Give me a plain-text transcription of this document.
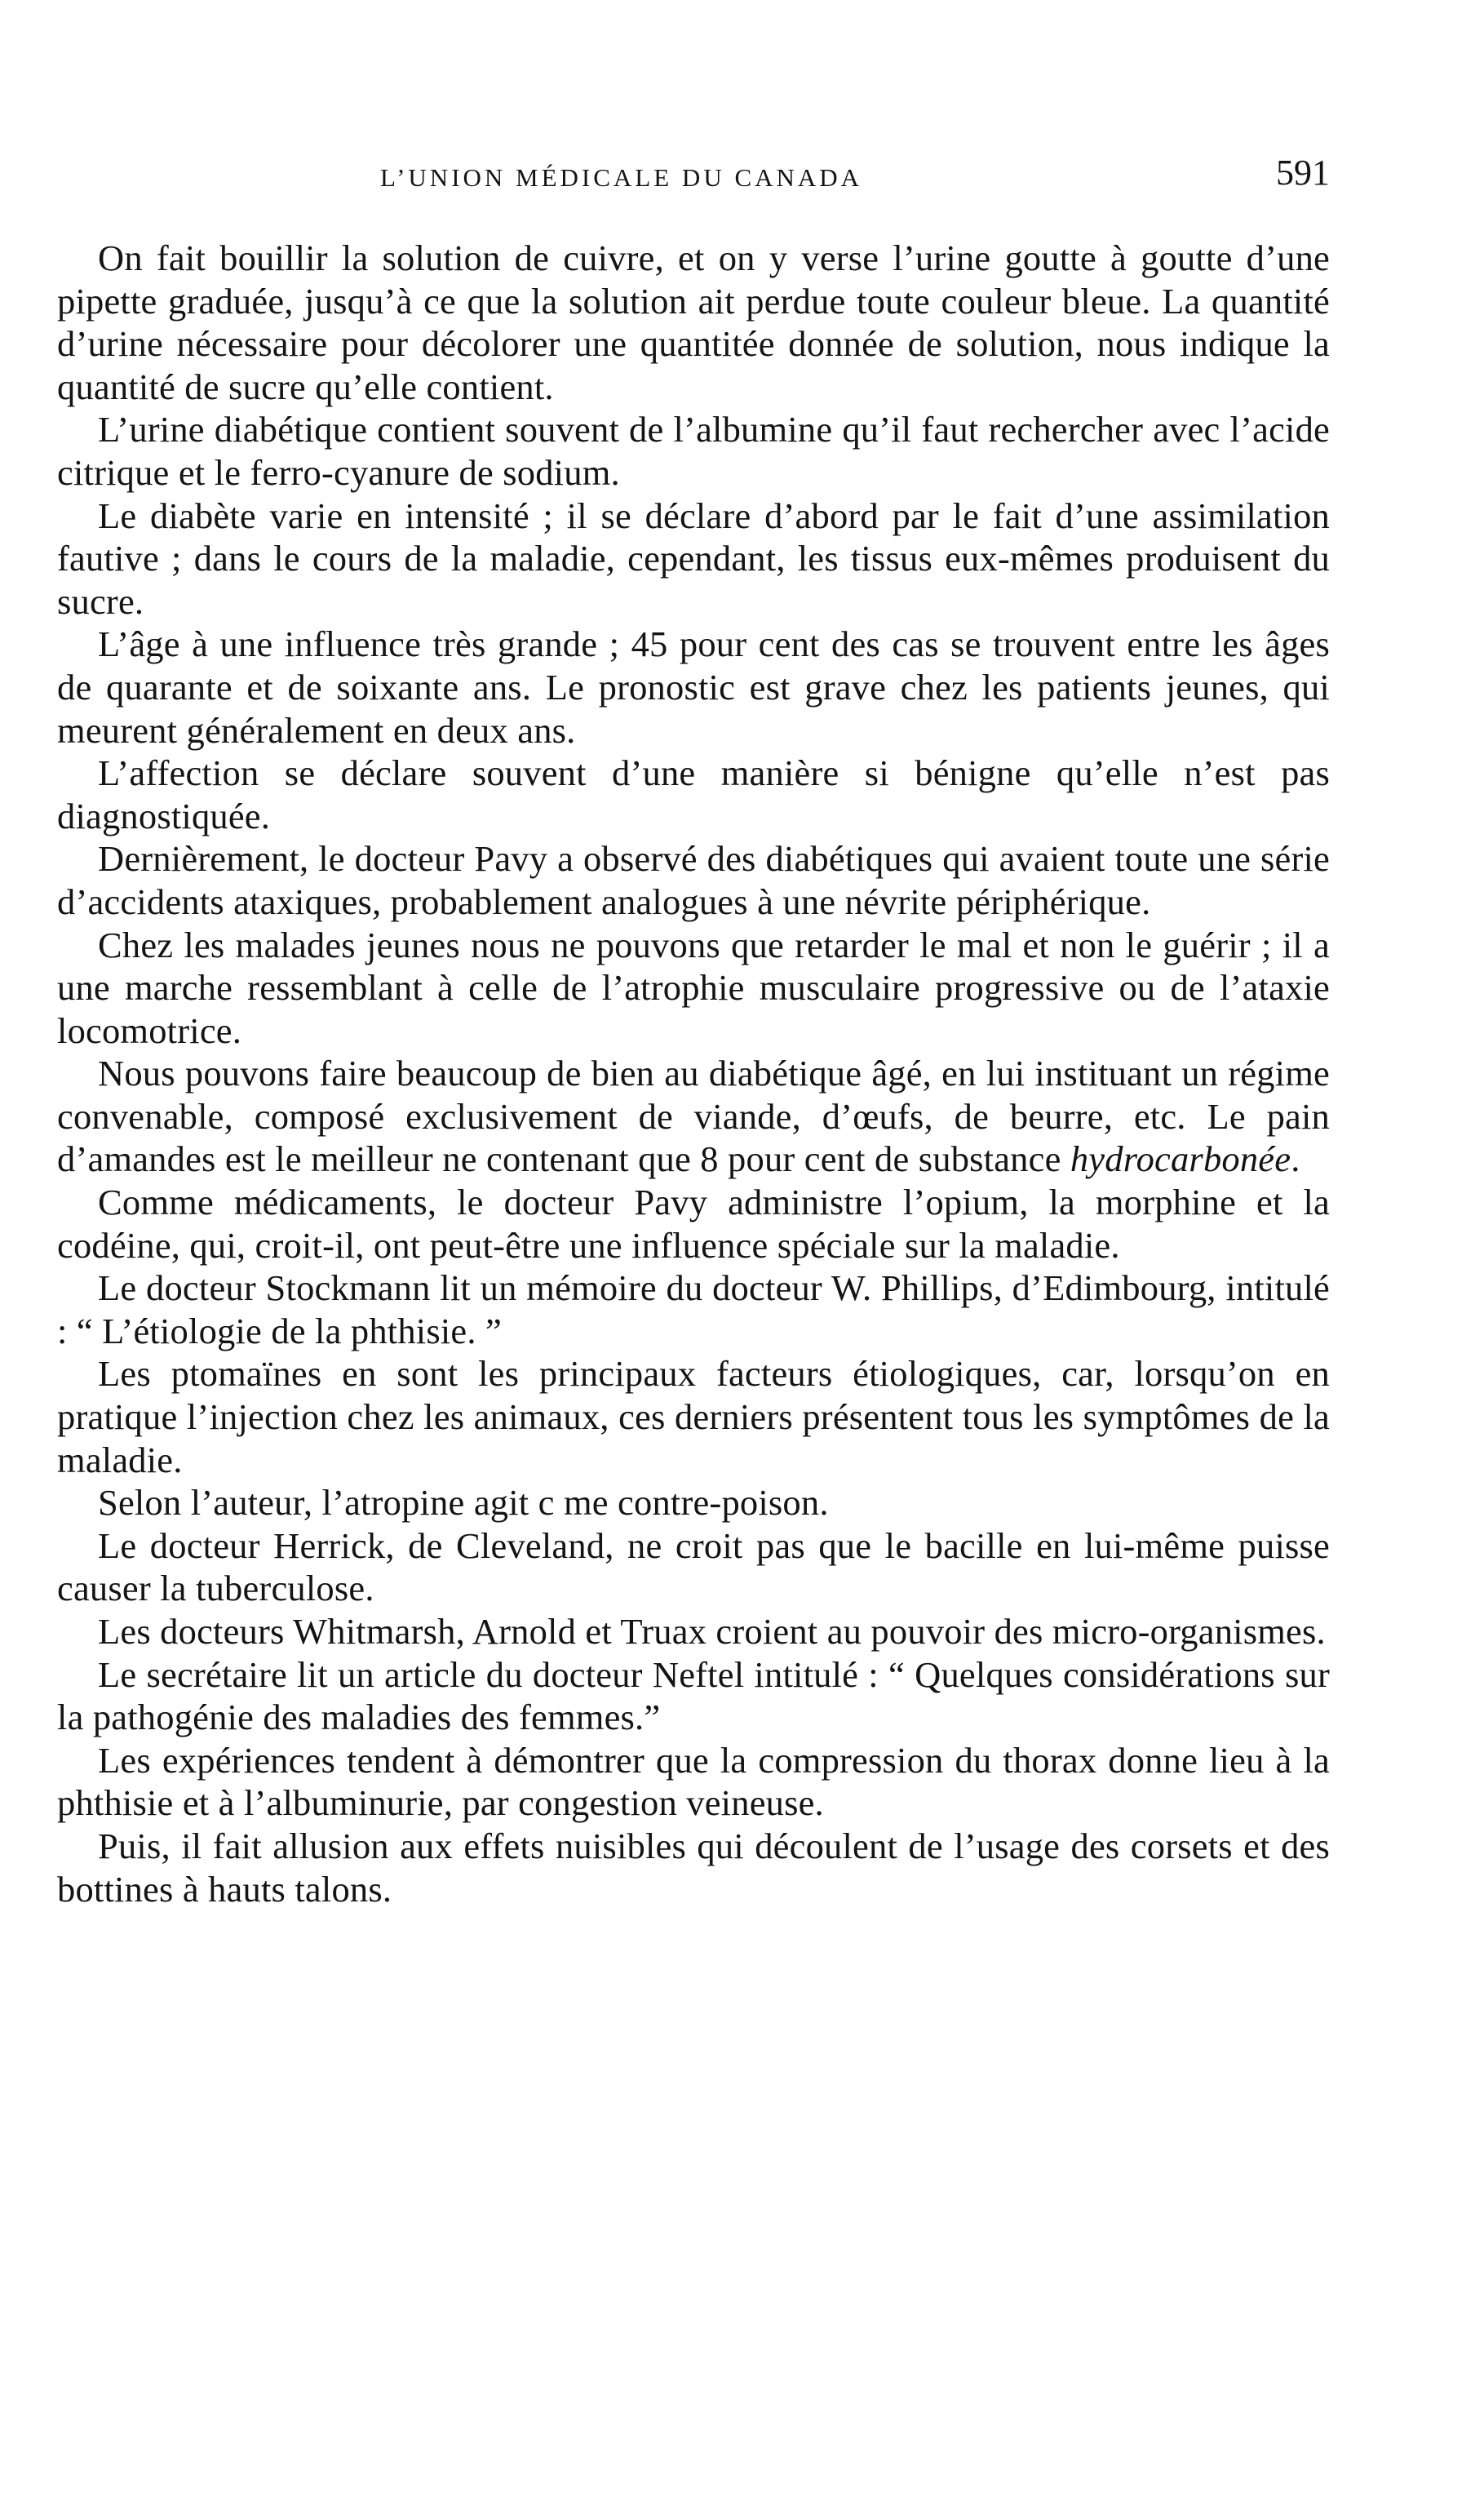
L’UNION MÉDICALE DU CANADA	591

On fait bouillir la solution de cuivre, et on y verse l’urine goutte à goutte d’une pipette graduée, jusqu’à ce que la solution ait perdue toute couleur bleue. La quantité d’urine nécessaire pour décolorer une quantitée donnée de solution, nous indique la quantité de sucre qu’elle contient.

L’urine diabétique contient souvent de l’albumine qu’il faut rechercher avec l’acide citrique et le ferro-cyanure de sodium.

Le diabète varie en intensité ; il se déclare d’abord par le fait d’une assimilation fautive ; dans le cours de la maladie, cependant, les tissus eux-mêmes produisent du sucre.

L’âge à une influence très grande ; 45 pour cent des cas se trouvent entre les âges de quarante et de soixante ans. Le pronostic est grave chez les patients jeunes, qui meurent généralement en deux ans.

L’affection se déclare souvent d’une manière si bénigne qu’elle n’est pas diagnostiquée.

Dernièrement, le docteur Pavy a observé des diabétiques qui avaient toute une série d’accidents ataxiques, probablement analogues à une névrite périphérique.

Chez les malades jeunes nous ne pouvons que retarder le mal et non le guérir ; il a une marche ressemblant à celle de l’atrophie musculaire progressive ou de l’ataxie locomotrice.

Nous pouvons faire beaucoup de bien au diabétique âgé, en lui instituant un régime convenable, composé exclusivement de viande, d’œufs, de beurre, etc. Le pain d’amandes est le meilleur ne contenant que 8 pour cent de substance hydrocarbonée.

Comme médicaments, le docteur Pavy administre l’opium, la morphine et la codéine, qui, croit-il, ont peut-être une influence spéciale sur la maladie.

Le docteur Stockmann lit un mémoire du docteur W. Phillips, d’Edimbourg, intitulé : “ L’étiologie de la phthisie. ”

Les ptomaïnes en sont les principaux facteurs étiologiques, car, lorsqu’on en pratique l’injection chez les animaux, ces derniers présentent tous les symptômes de la maladie.

Selon l’auteur, l’atropine agit c me contre-poison.

Le docteur Herrick, de Cleveland, ne croit pas que le bacille en lui-même puisse causer la tuberculose.

Les docteurs Whitmarsh, Arnold et Truax croient au pouvoir des micro-organismes.

Le secrétaire lit un article du docteur Neftel intitulé : “ Quelques considérations sur la pathogénie des maladies des femmes.”

Les expériences tendent à démontrer que la compression du thorax donne lieu à la phthisie et à l’albuminurie, par congestion veineuse.

Puis, il fait allusion aux effets nuisibles qui découlent de l’usage des corsets et des bottines à hauts talons.
